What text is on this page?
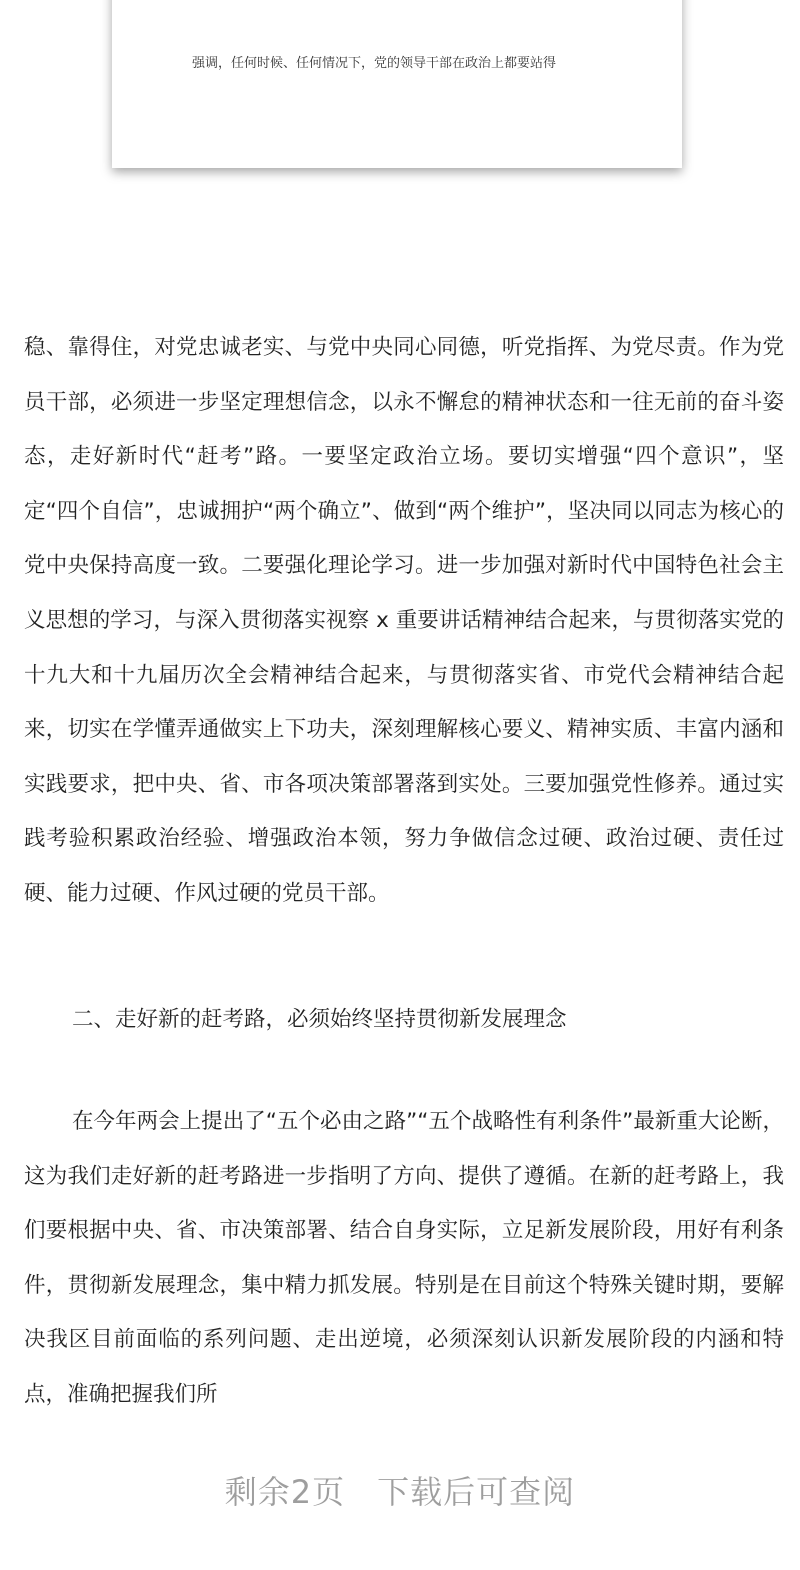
强调，任何时候、任何情况下，党的领导干部在政治上都要站得
稳、靠得住，对党忠诚老实、与党中央同心同德，听党指挥、为党尽责。作为党员干部，必须进一步坚定理想信念，以永不懈怠的精神状态和一往无前的奋斗姿态，走好新时代“赶考”路。一要坚定政治立场。要切实增强“四个意识”，坚定“四个自信”，忠诚拥护“两个确立”、做到“两个维护”，坚决同以同志为核心的党中央保持高度一致。二要强化理论学习。进一步加强对新时代中国特色社会主义思想的学习，与深入贯彻落实视察 x 重要讲话精神结合起来，与贯彻落实党的十九大和十九届历次全会精神结合起来，与贯彻落实省、市党代会精神结合起来，切实在学懂弄通做实上下功夫，深刻理解核心要义、精神实质、丰富内涵和实践要求，把中央、省、市各项决策部署落到实处。三要加强党性修养。通过实践考验积累政治经验、增强政治本领，努力争做信念过硬、政治过硬、责任过硬、能力过硬、作风过硬的党员干部。
二、走好新的赶考路，必须始终坚持贯彻新发展理念
在今年两会上提出了“五个必由之路”“五个战略性有利条件”最新重大论断，这为我们走好新的赶考路进一步指明了方向、提供了遵循。在新的赶考路上，我们要根据中央、省、市决策部署、结合自身实际，立足新发展阶段，用好有利条件，贯彻新发展理念，集中精力抓发展。特别是在目前这个特殊关键时期，要解决我区目前面临的系列问题、走出逆境，必须深刻认识新发展阶段的内涵和特点，准确把握我们所
剩余2页 下载后可查阅
